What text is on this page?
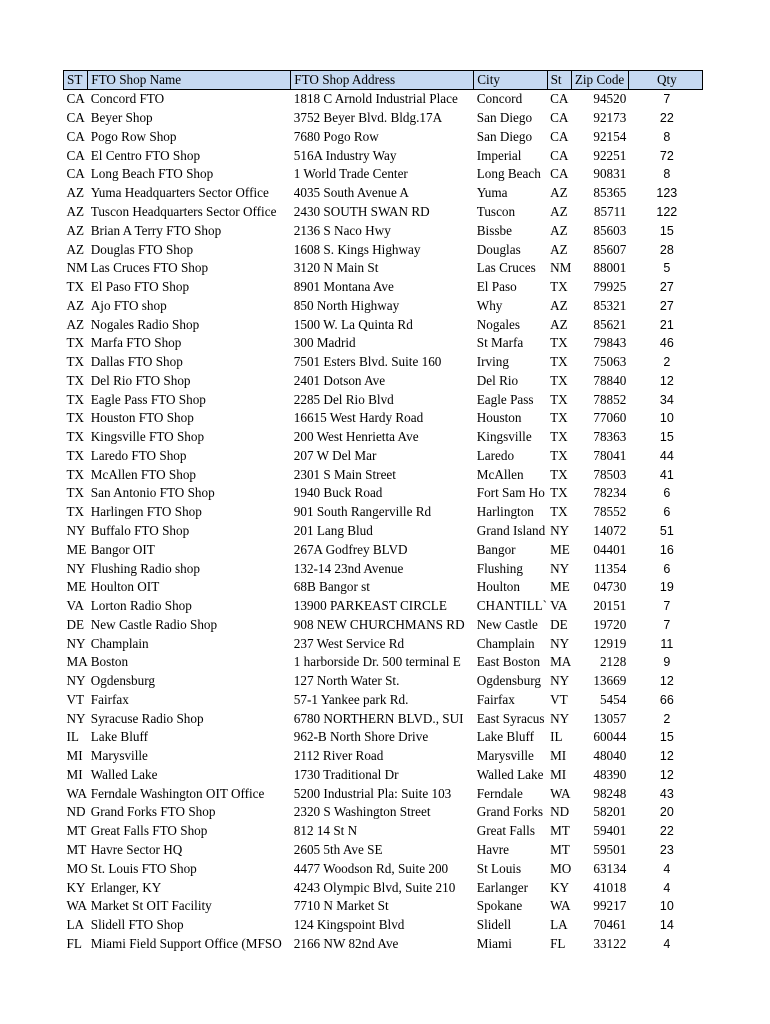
ST	FTO Shop Name	FTO Shop Address	City	St	Zip Code	Qty
CA	Concord FTO	1818 C Arnold Industrial Place	Concord	CA	94520	7
CA	Beyer Shop	3752 Beyer Blvd. Bldg.17A	San Diego	CA	92173	22
CA	Pogo Row Shop	7680 Pogo Row	San Diego	CA	92154	8
CA	El Centro FTO Shop	516A Industry Way	Imperial	CA	92251	72
CA	Long Beach FTO Shop	1 World Trade Center	Long Beach	CA	90831	8
AZ	Yuma Headquarters Sector Office	4035 South Avenue A	Yuma	AZ	85365	123
AZ	Tuscon Headquarters Sector Office	2430 SOUTH SWAN RD	Tuscon	AZ	85711	122
AZ	Brian A Terry FTO Shop	2136 S Naco Hwy	Bissbe	AZ	85603	15
AZ	Douglas FTO Shop	1608 S. Kings Highway	Douglas	AZ	85607	28
NM	Las Cruces FTO Shop	3120 N Main St	Las Cruces	NM	88001	5
TX	El Paso FTO Shop	8901 Montana Ave	El Paso	TX	79925	27
AZ	Ajo FTO shop	850 North Highway	Why	AZ	85321	27
AZ	Nogales Radio Shop	1500 W. La Quinta Rd	Nogales	AZ	85621	21
TX	Marfa FTO Shop	300 Madrid	St Marfa	TX	79843	46
TX	Dallas FTO Shop	7501 Esters Blvd. Suite 160	Irving	TX	75063	2
TX	Del Rio FTO Shop	2401 Dotson Ave	Del Rio	TX	78840	12
TX	Eagle Pass FTO Shop	2285 Del Rio Blvd	Eagle Pass	TX	78852	34
TX	Houston FTO Shop	16615 West Hardy Road	Houston	TX	77060	10
TX	Kingsville FTO Shop	200 West Henrietta Ave	Kingsville	TX	78363	15
TX	Laredo FTO Shop	207 W Del Mar	Laredo	TX	78041	44
TX	McAllen FTO Shop	2301 S Main Street	McAllen	TX	78503	41
TX	San Antonio FTO Shop	1940 Buck Road	Fort Sam Ho	TX	78234	6
TX	Harlingen FTO Shop	901 South Rangerville Rd	Harlington	TX	78552	6
NY	Buffalo FTO Shop	201 Lang Blud	Grand Island	NY	14072	51
ME	Bangor OIT	267A Godfrey BLVD	Bangor	ME	04401	16
NY	Flushing Radio shop	132-14 23nd Avenue	Flushing	NY	11354	6
ME	Houlton OIT	68B Bangor st	Houlton	ME	04730	19
VA	Lorton Radio Shop	13900 PARKEAST CIRCLE	CHANTILL`	VA	20151	7
DE	New Castle Radio Shop	908 NEW CHURCHMANS RD	New Castle	DE	19720	7
NY	Champlain	237 West Service Rd	Champlain	NY	12919	11
MA	Boston	1 harborside Dr. 500 terminal E	East Boston	MA	2128	9
NY	Ogdensburg	127 North Water St.	Ogdensburg	NY	13669	12
VT	Fairfax	57-1 Yankee park Rd.	Fairfax	VT	5454	66
NY	Syracuse Radio Shop	6780 NORTHERN BLVD., SUI	East Syracus	NY	13057	2
IL	Lake Bluff	962-B North Shore Drive	Lake Bluff	IL	60044	15
MI	Marysville	2112 River Road	Marysville	MI	48040	12
MI	Walled Lake	1730 Traditional Dr	Walled Lake	MI	48390	12
WA	Ferndale Washington OIT Office	5200 Industrial Pla: Suite 103	Ferndale	WA	98248	43
ND	Grand Forks FTO Shop	2320 S Washington Street	Grand Forks	ND	58201	20
MT	Great Falls FTO Shop	812 14 St N	Great Falls	MT	59401	22
MT	Havre Sector HQ	2605 5th Ave SE	Havre	MT	59501	23
MO	St. Louis FTO Shop	4477 Woodson Rd, Suite 200	St Louis	MO	63134	4
KY	Erlanger, KY	4243 Olympic Blvd, Suite 210	Earlanger	KY	41018	4
WA	Market St OIT Facility	7710 N Market St	Spokane	WA	99217	10
LA	Slidell FTO Shop	124 Kingspoint Blvd	Slidell	LA	70461	14
FL	Miami Field Support Office (MFSO	2166 NW 82nd Ave	Miami	FL	33122	4
